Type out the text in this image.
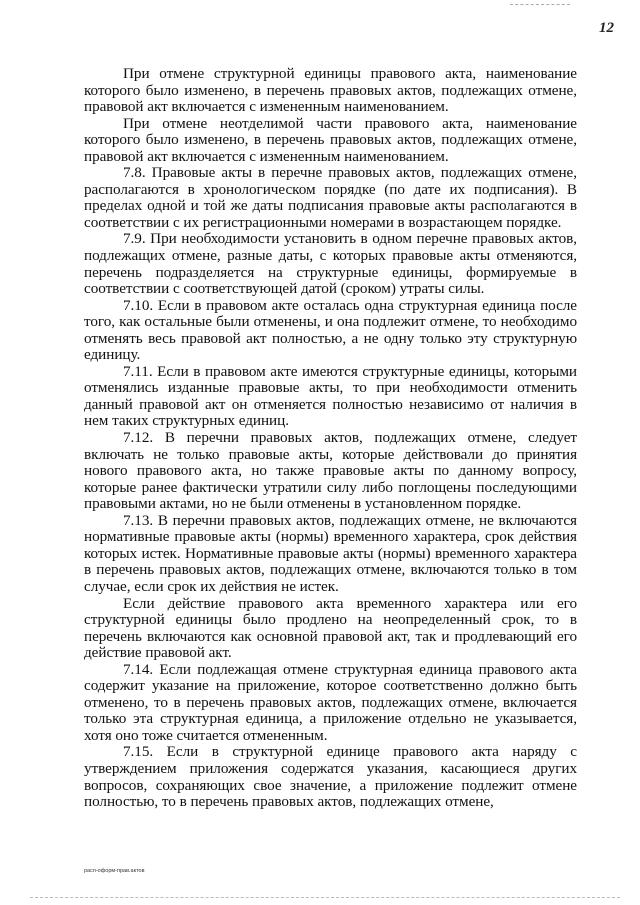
12

При отмене структурной единицы правового акта, наименование которого было изменено, в перечень правовых актов, подлежащих отмене, правовой акт включается с измененным наименованием.

При отмене неотделимой части правового акта, наименование которого было изменено, в перечень правовых актов, подлежащих отмене, правовой акт включается с измененным наименованием.

7.8. Правовые акты в перечне правовых актов, подлежащих отмене, располагаются в хронологическом порядке (по дате их подписания). В пределах одной и той же даты подписания правовые акты располагаются в соответствии с их регистрационными номерами в возрастающем порядке.

7.9. При необходимости установить в одном перечне правовых актов, подлежащих отмене, разные даты, с которых правовые акты отменяются, перечень подразделяется на структурные единицы, формируемые в соответствии с соответствующей датой (сроком) утраты силы.

7.10. Если в правовом акте осталась одна структурная единица после того, как остальные были отменены, и она подлежит отмене, то необходимо отменять весь правовой акт полностью, а не одну только эту структурную единицу.

7.11. Если в правовом акте имеются структурные единицы, которыми отменялись изданные правовые акты, то при необходимости отменить данный правовой акт он отменяется полностью независимо от наличия в нем таких структурных единиц.

7.12. В перечни правовых актов, подлежащих отмене, следует включать не только правовые акты, которые действовали до принятия нового правового акта, но также правовые акты по данному вопросу, которые ранее фактически утратили силу либо поглощены последующими правовыми актами, но не были отменены в установленном порядке.

7.13. В перечни правовых актов, подлежащих отмене, не включаются нормативные правовые акты (нормы) временного характера, срок действия которых истек. Нормативные правовые акты (нормы) временного характера в перечень правовых актов, подлежащих отмене, включаются только в том случае, если срок их действия не истек.

Если действие правового акта временного характера или его структурной единицы было продлено на неопределенный срок, то в перечень включаются как основной правовой акт, так и продлевающий его действие правовой акт.

7.14. Если подлежащая отмене структурная единица правового акта содержит указание на приложение, которое соответственно должно быть отменено, то в перечень правовых актов, подлежащих отмене, включается только эта структурная единица, а приложение отдельно не указывается, хотя оно тоже считается отмененным.

7.15. Если в структурной единице правового акта наряду с утверждением приложения содержатся указания, касающиеся других вопросов, сохраняющих свое значение, а приложение подлежит отмене полностью, то в перечень правовых актов, подлежащих отмене,

расп-оформ-прав.актов
